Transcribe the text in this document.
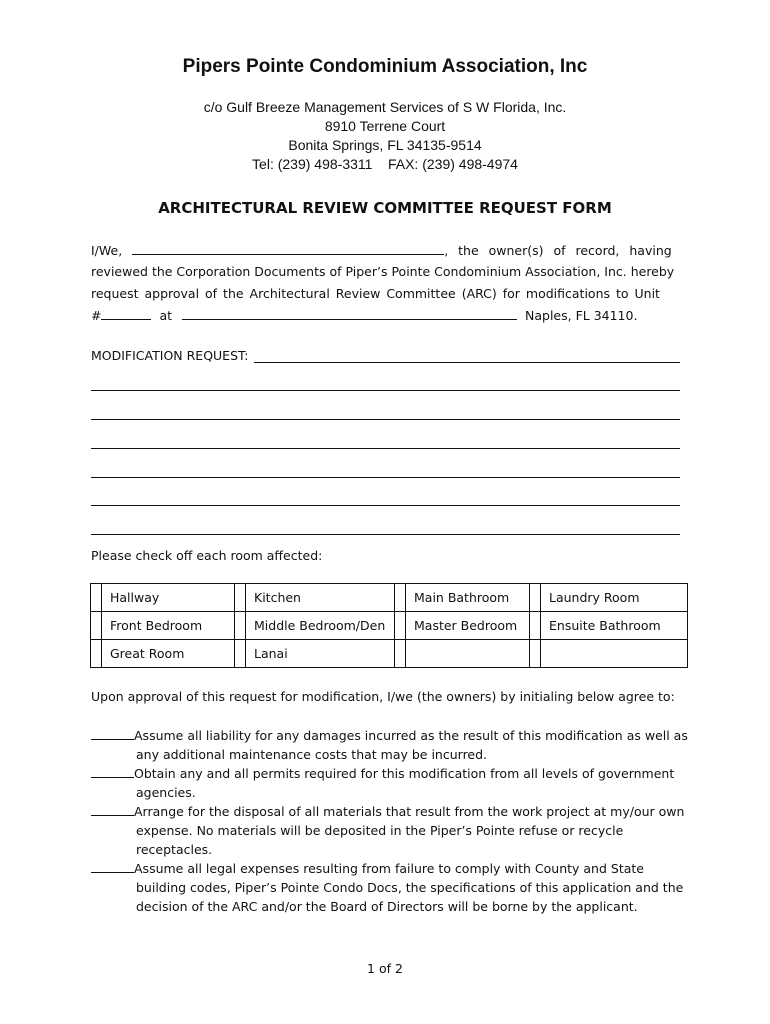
Pipers Pointe Condominium Association, Inc
c/o Gulf Breeze Management Services of S W Florida, Inc.
8910 Terrene Court
Bonita Springs, FL 34135-9514
Tel: (239) 498-3311    FAX: (239) 498-4974
ARCHITECTURAL REVIEW COMMITTEE REQUEST FORM
I/We,	, the owner(s) of record, having
reviewed the Corporation Documents of Piper’s Pointe Condominium Association, Inc. hereby
request approval of the Architectural Review Committee (ARC) for modifications to Unit
#	at	Naples, FL 34110.
MODIFICATION REQUEST:
Please check off each room affected:
	Hallway		Kitchen		Main Bathroom		Laundry Room
	Front Bedroom		Middle Bedroom/Den		Master Bedroom		Ensuite Bathroom
	Great Room		Lanai				
Upon approval of this request for modification, I/we (the owners) by initialing below agree to:
Assume all liability for any damages incurred as the result of this modification as well as
any additional maintenance costs that may be incurred.
Obtain any and all permits required for this modification from all levels of government
agencies.
Arrange for the disposal of all materials that result from the work project at my/our own
expense. No materials will be deposited in the Piper’s Pointe refuse or recycle
receptacles.
Assume all legal expenses resulting from failure to comply with County and State
building codes, Piper’s Pointe Condo Docs, the specifications of this application and the
decision of the ARC and/or the Board of Directors will be borne by the applicant.
1 of 2
